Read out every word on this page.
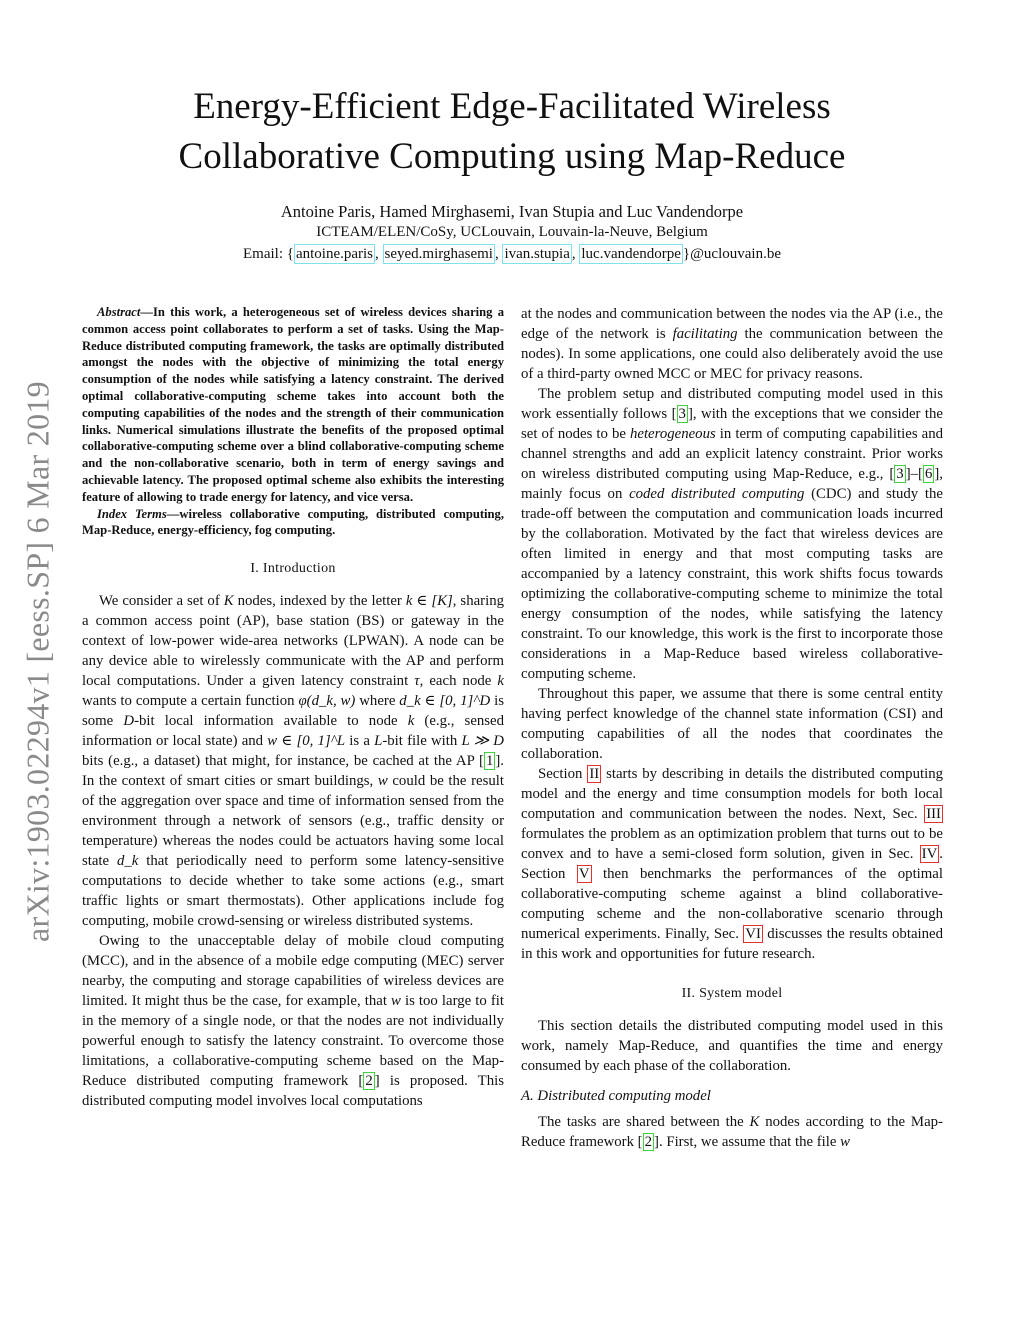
arXiv:1903.02294v1 [eess.SP] 6 Mar 2019
Energy-Efficient Edge-Facilitated Wireless Collaborative Computing using Map-Reduce
Antoine Paris, Hamed Mirghasemi, Ivan Stupia and Luc Vandendorpe
ICTEAM/ELEN/CoSy, UCLouvain, Louvain-la-Neuve, Belgium
Email: { antoine.paris , seyed.mirghasemi , ivan.stupia , luc.vandendorpe }@uclouvain.be

Abstract—In this work, a heterogeneous set of wireless devices sharing a common access point collaborates to perform a set of tasks. Using the Map-Reduce distributed computing framework, the tasks are optimally distributed amongst the nodes with the objective of minimizing the total energy consumption of the nodes while satisfying a latency constraint. The derived optimal collaborative-computing scheme takes into account both the computing capabilities of the nodes and the strength of their communication links. Numerical simulations illustrate the benefits of the proposed optimal collaborative-computing scheme over a blind collaborative-computing scheme and the non-collaborative scenario, both in term of energy savings and achievable latency. The proposed optimal scheme also exhibits the interesting feature of allowing to trade energy for latency, and vice versa.

Index Terms—wireless collaborative computing, distributed computing, Map-Reduce, energy-efficiency, fog computing.

I. Introduction

We consider a set of K nodes, indexed by the letter k ∈ [K], sharing a common access point (AP), base station (BS) or gateway in the context of low-power wide-area networks (LPWAN). A node can be any device able to wirelessly communicate with the AP and perform local computations. Under a given latency constraint τ, each node k wants to compute a certain function φ(d_k, w) where d_k ∈ [0, 1]^D is some D-bit local information available to node k (e.g., sensed information or local state) and w ∈ [0, 1]^L is a L-bit file with L ≫ D bits (e.g., a dataset) that might, for instance, be cached at the AP [ 1 ]. In the context of smart cities or smart buildings, w could be the result of the aggregation over space and time of information sensed from the environment through a network of sensors (e.g., traffic density or temperature) whereas the nodes could be actuators having some local state d_k that periodically need to perform some latency-sensitive computations to decide whether to take some actions (e.g., smart traffic lights or smart thermostats). Other applications include fog computing, mobile crowd-sensing or wireless distributed systems.

Owing to the unacceptable delay of mobile cloud computing (MCC), and in the absence of a mobile edge computing (MEC) server nearby, the computing and storage capabilities of wireless devices are limited. It might thus be the case, for example, that w is too large to fit in the memory of a single node, or that the nodes are not individually powerful enough to satisfy the latency constraint. To overcome those limitations, a collaborative-computing scheme based on the Map-Reduce distributed computing framework [ 2 ] is proposed. This distributed computing model involves local computations

at the nodes and communication between the nodes via the AP (i.e., the edge of the network is facilitating the communication between the nodes). In some applications, one could also deliberately avoid the use of a third-party owned MCC or MEC for privacy reasons.

The problem setup and distributed computing model used in this work essentially follows [ 3 ], with the exceptions that we consider the set of nodes to be heterogeneous in term of computing capabilities and channel strengths and add an explicit latency constraint. Prior works on wireless distributed computing using Map-Reduce, e.g., [ 3 ]–[ 6 ], mainly focus on coded distributed computing (CDC) and study the trade-off between the computation and communication loads incurred by the collaboration. Motivated by the fact that wireless devices are often limited in energy and that most computing tasks are accompanied by a latency constraint, this work shifts focus towards optimizing the collaborative-computing scheme to minimize the total energy consumption of the nodes, while satisfying the latency constraint. To our knowledge, this work is the first to incorporate those considerations in a Map-Reduce based wireless collaborative-computing scheme.

Throughout this paper, we assume that there is some central entity having perfect knowledge of the channel state information (CSI) and computing capabilities of all the nodes that coordinates the collaboration.

Section II starts by describing in details the distributed computing model and the energy and time consumption models for both local computation and communication between the nodes. Next, Sec. III formulates the problem as an optimization problem that turns out to be convex and to have a semi-closed form solution, given in Sec. IV . Section V then benchmarks the performances of the optimal collaborative-computing scheme against a blind collaborative-computing scheme and the non-collaborative scenario through numerical experiments. Finally, Sec. VI discusses the results obtained in this work and opportunities for future research.

II. System model

This section details the distributed computing model used in this work, namely Map-Reduce, and quantifies the time and energy consumed by each phase of the collaboration.

A. Distributed computing model

The tasks are shared between the K nodes according to the Map-Reduce framework [ 2 ]. First, we assume that the file w
